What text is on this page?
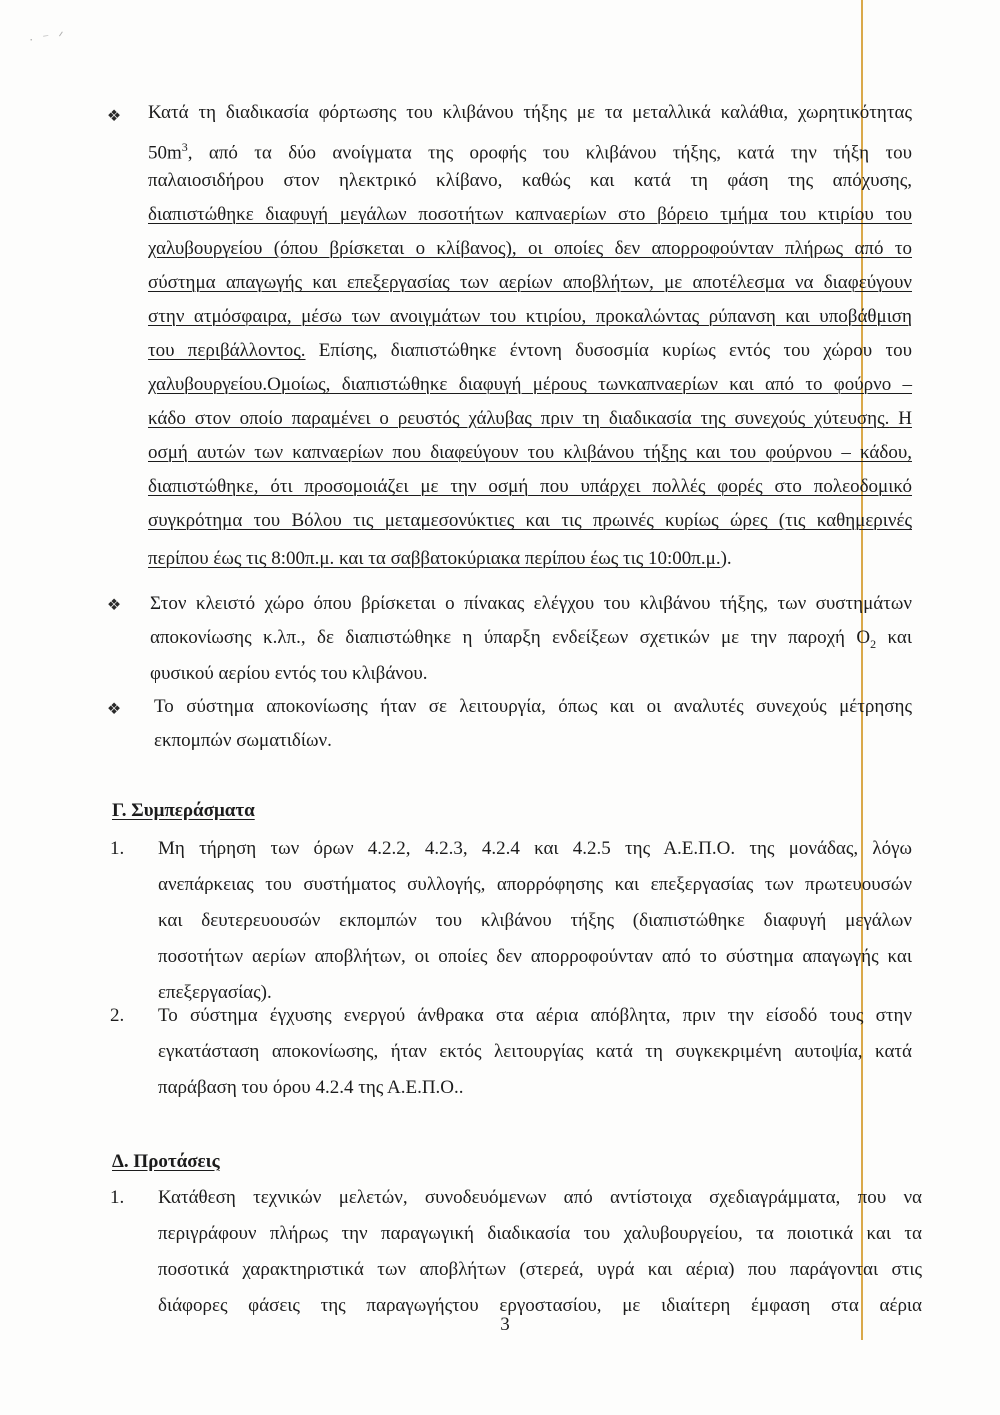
· ⁻ ᐟ
❖ Κατά τη διαδικασία φόρτωσης του κλιβάνου τήξης με τα μεταλλικά καλάθια, χωρητικότητας
$50m^3$, από τα δύο ανοίγματα της οροφής του κλιβάνου τήξης, κατά την τήξη του
παλαιοσιδήρου στον ηλεκτρικό κλίβανο, καθώς και κατά τη φάση της απόχυσης,
διαπιστώθηκε διαφυγή μεγάλων ποσοτήτων καπναερίων στο βόρειο τμήμα του κτιρίου του
χαλυβουργείου (όπου βρίσκεται ο κλίβανος), οι οποίες δεν απορροφούνταν πλήρως από το
σύστημα απαγωγής και επεξεργασίας των αερίων αποβλήτων, με αποτέλεσμα να διαφεύγουν
στην ατμόσφαιρα, μέσω των ανοιγμάτων του κτιρίου, προκαλώντας ρύπανση και υποβάθμιση
του περιβάλλοντος. Επίσης, διαπιστώθηκε έντονη δυσοσμία κυρίως εντός του χώρου του
χαλυβουργείου.Ομοίως, διαπιστώθηκε διαφυγή μέρους τωνκαπναερίων και από το φούρνο –
κάδο στον οποίο παραμένει ο ρευστός χάλυβας πριν τη διαδικασία της συνεχούς χύτευσης. Η
οσμή αυτών των καπναερίων που διαφεύγουν του κλιβάνου τήξης και του φούρνου – κάδου,
διαπιστώθηκε, ότι προσομοιάζει με την οσμή που υπάρχει πολλές φορές στο πολεοδομικό
συγκρότημα του Βόλου τις μεταμεσονύκτιες και τις πρωινές κυρίως ώρες (τις καθημερινές
περίπου έως τις 8:00π.μ. και τα σαββατοκύριακα περίπου έως τις 10:00π.μ.).
❖ Στον κλειστό χώρο όπου βρίσκεται ο πίνακας ελέγχου του κλιβάνου τήξης, των συστημάτων
αποκονίωσης κ.λπ., δε διαπιστώθηκε η ύπαρξη ενδείξεων σχετικών με την παροχή $O_2$ και
φυσικού αερίου εντός του κλιβάνου.
❖ Το σύστημα αποκονίωσης ήταν σε λειτουργία, όπως και οι αναλυτές συνεχούς μέτρησης
εκπομπών σωματιδίων.
Γ. Συμπεράσματα
1. Μη τήρηση των όρων 4.2.2, 4.2.3, 4.2.4 και 4.2.5 της Α.Ε.Π.Ο. της μονάδας, λόγω
ανεπάρκειας του συστήματος συλλογής, απορρόφησης και επεξεργασίας των πρωτευουσών
και δευτερευουσών εκπομπών του κλιβάνου τήξης (διαπιστώθηκε διαφυγή μεγάλων
ποσοτήτων αερίων αποβλήτων, οι οποίες δεν απορροφούνταν από το σύστημα απαγωγής και
επεξεργασίας).
2. Το σύστημα έγχυσης ενεργού άνθρακα στα αέρια απόβλητα, πριν την είσοδό τους στην
εγκατάσταση αποκονίωσης, ήταν εκτός λειτουργίας κατά τη συγκεκριμένη αυτοψία, κατά
παράβαση του όρου 4.2.4 της Α.Ε.Π.Ο..
Δ. Προτάσεις
1. Κατάθεση τεχνικών μελετών, συνοδευόμενων από αντίστοιχα σχεδιαγράμματα, που να
περιγράφουν πλήρως την παραγωγική διαδικασία του χαλυβουργείου, τα ποιοτικά και τα
ποσοτικά χαρακτηριστικά των αποβλήτων (στερεά, υγρά και αέρια) που παράγονται στις
διάφορες φάσεις της παραγωγήςτου εργοστασίου, με ιδιαίτερη έμφαση στα αέρια
3
